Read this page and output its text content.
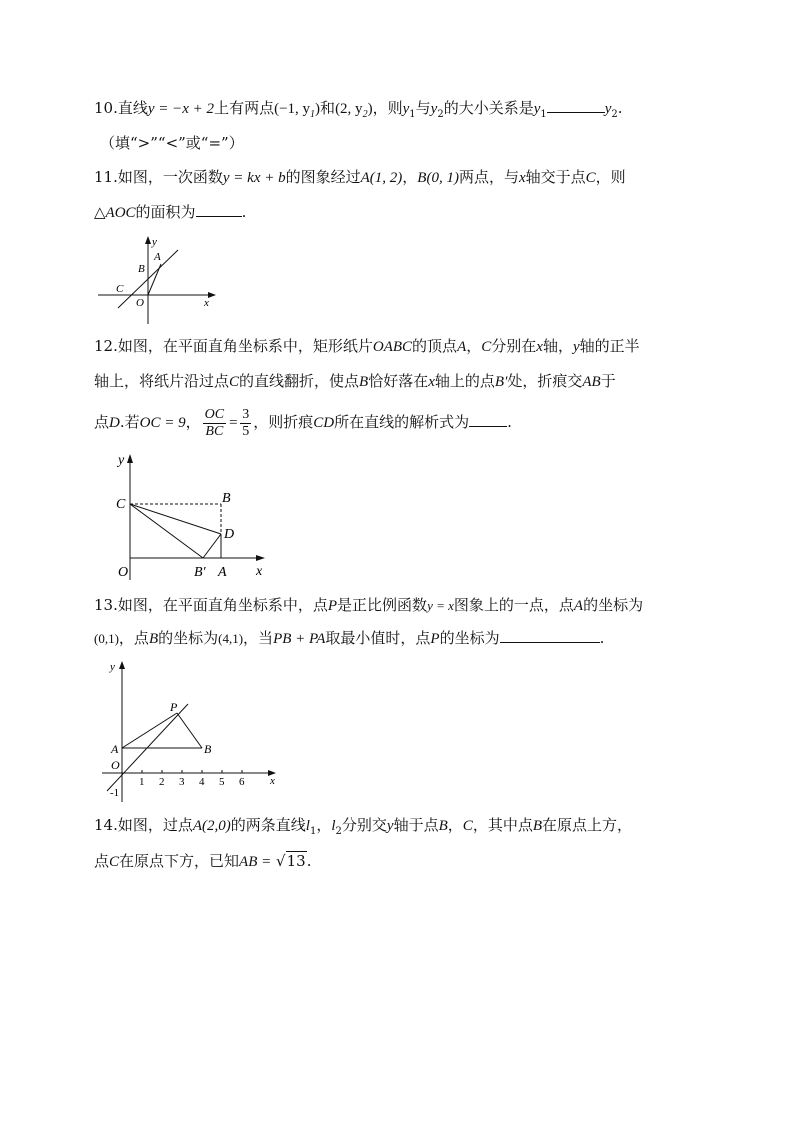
10.直线y = −x + 2上有两点(−1, $y_1$)和(2, $y_2$)，则$y_1$与$y_2$的大小关系是$y_1$	$y_2$.
（填“>”“<”或“=”）
11.如图，一次函数y = kx + b的图象经过A(1, 2)，B(0, 1)两点，与x轴交于点C，则
△AOC的面积为	.
y
x
A
B
C
O
12.如图，在平面直角坐标系中，矩形纸片OABC的顶点A，C分别在x轴，y轴的正半
轴上，将纸片沿过点C的直线翻折，使点B恰好落在x轴上的点B′处，折痕交AB于
点D.若OC = 9， $\frac{OC}{BC} = \frac{3}{5}$ ，则折痕CD所在直线的解析式为	.
y
x
C	B
D
O	B′ A
13.如图，在平面直角坐标系中，点P是正比例函数y = x图象上的一点，点A的坐标为
(0,1)，点B的坐标为(4,1)，当PB + PA取最小值时，点P的坐标为	.
y
x
P
A	B
O
-1
1 2 3 4 5 6
14.如图，过点A(2,0)的两条直线$l_1$，$l_2$分别交y轴于点B，C，其中点B在原点上方，
点C在原点下方，已知AB = √13.
